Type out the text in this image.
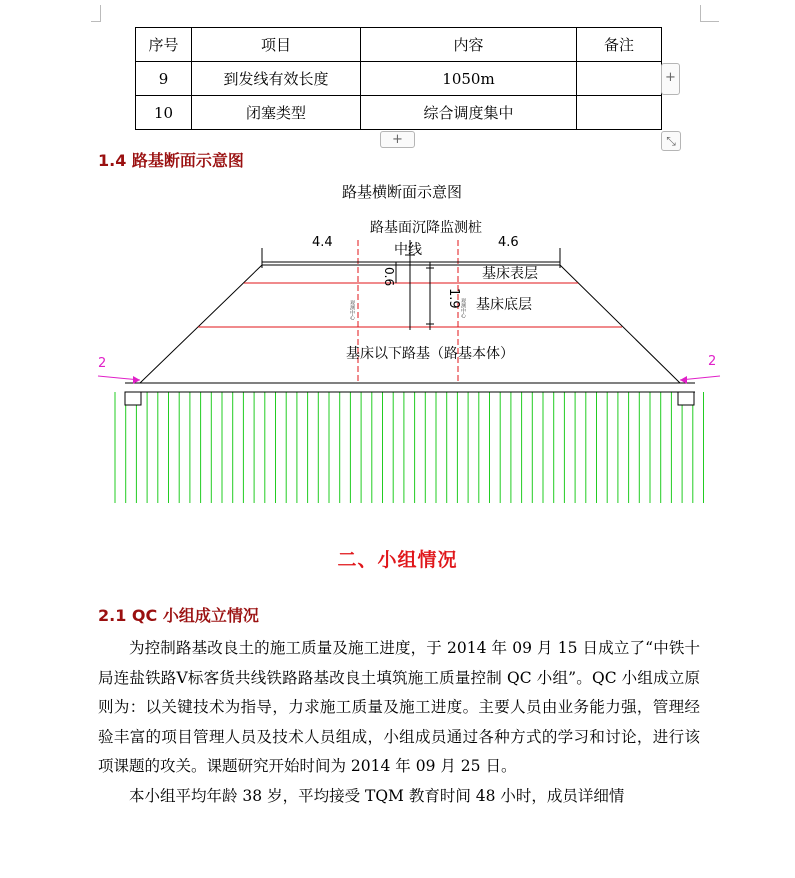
序号	项目	内容	备注
9	到发线有效长度	1050m	
10	闭塞类型	综合调度集中	
+
+	⤡
1.4 路基断面示意图
观测中心	观测中心
4.4	4.6
0.6
1.9
2	2
路基横断面示意图
路基面沉降监测桩
中线
基床表层
基床底层
基床以下路基（路基本体）
二、小组情况
2.1 QC 小组成立情况

为控制路基改良土的施工质量及施工进度，于 2014 年 09 月 15 日成立了“中铁十局连盐铁路Ⅴ标客货共线铁路路基改良土填筑施工质量控制 QC 小组”。QC 小组成立原则为：以关键技术为指导，力求施工质量及施工进度。主要人员由业务能力强，管理经验丰富的项目管理人员及技术人员组成，小组成员通过各种方式的学习和讨论，进行该项课题的攻关。课题研究开始时间为 2014 年 09 月 25 日。

本小组平均年龄 38 岁，平均接受 TQM 教育时间 48 小时，成员详细情
